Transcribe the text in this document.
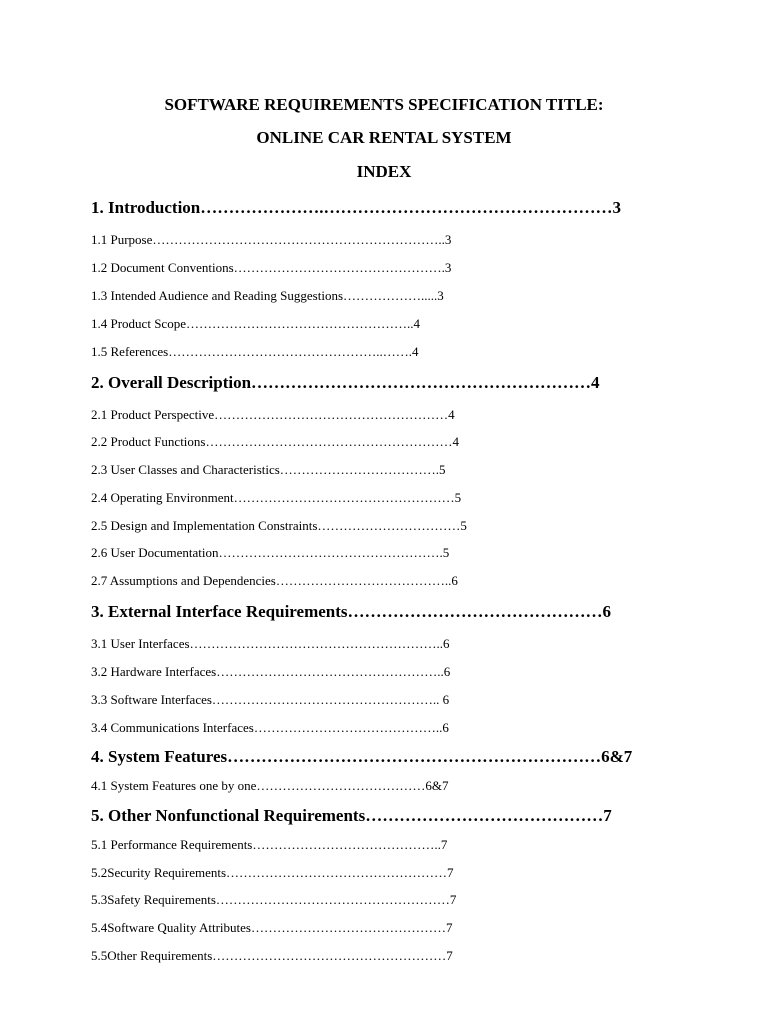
SOFTWARE REQUIREMENTS SPECIFICATION TITLE:
ONLINE CAR RENTAL SYSTEM
INDEX
1. Introduction………………….……………………………………………3
1.1 Purpose…………………………………………………………..3
1.2 Document Conventions………………………………………….3
1.3 Intended Audience and Reading Suggestions……………….....3
1.4 Product Scope……………………………………………..4
1.5 References…………………………………………..…….4
2. Overall Description……………………………………………………4
2.1 Product Perspective………………………………………………4
2.2 Product Functions…………………………………………………4
2.3 User Classes and Characteristics……………………………….5
2.4 Operating Environment……………………………………………5
2.5 Design and Implementation Constraints……………………………5
2.6 User Documentation…………………………………………….5
2.7 Assumptions and Dependencies…………………………………..6
3. External Interface Requirements………………………………………6
3.1 User Interfaces…………………………………………………..6
3.2 Hardware Interfaces……………………………………………..6
3.3 Software Interfaces…………………………………………….. 6
3.4 Communications Interfaces……………………………………..6
4. System Features…………………………………………………………6&7
4.1 System Features one by one…………………………………6&7
5. Other Nonfunctional Requirements……………………………………7
5.1 Performance Requirements……………………………………..7
5.2Security Requirements……………………………………………7
5.3Safety Requirements………………………………………………7
5.4Software Quality Attributes………………………………………7
5.5Other Requirements………………………………………………7
